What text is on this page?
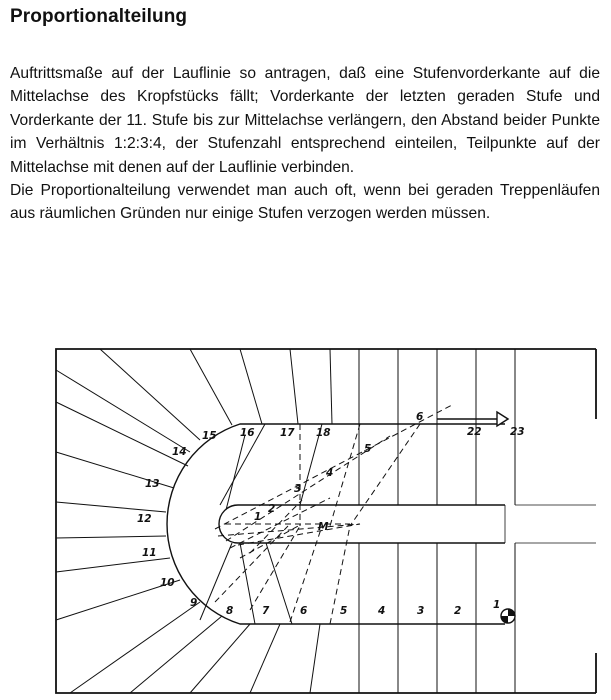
Proportionalteilung

Auftrittsmaße auf der Lauflinie so antragen, daß eine Stufenvorderkante auf die Mittelachse des Kropfstücks fällt; Vorderkante der letzten geraden Stufe und Vorderkante der 11. Stufe bis zur Mittelachse verlängern, den Abstand beider Punkte im Verhältnis 1:2:3:4, der Stufenzahl entsprechend einteilen, Teilpunkte auf der Mittelachse mit denen auf der Lauflinie verbinden.

Die Proportionalteilung verwendet man auch oft, wenn bei geraden Treppenläufen aus räumlichen Gründen nur einige Stufen verzogen werden müssen.

1
2
3
4
5
6
7
8
9
10
11
12
13
14
15 16 17 18	22	23
1
2
3
4
5
6
M
